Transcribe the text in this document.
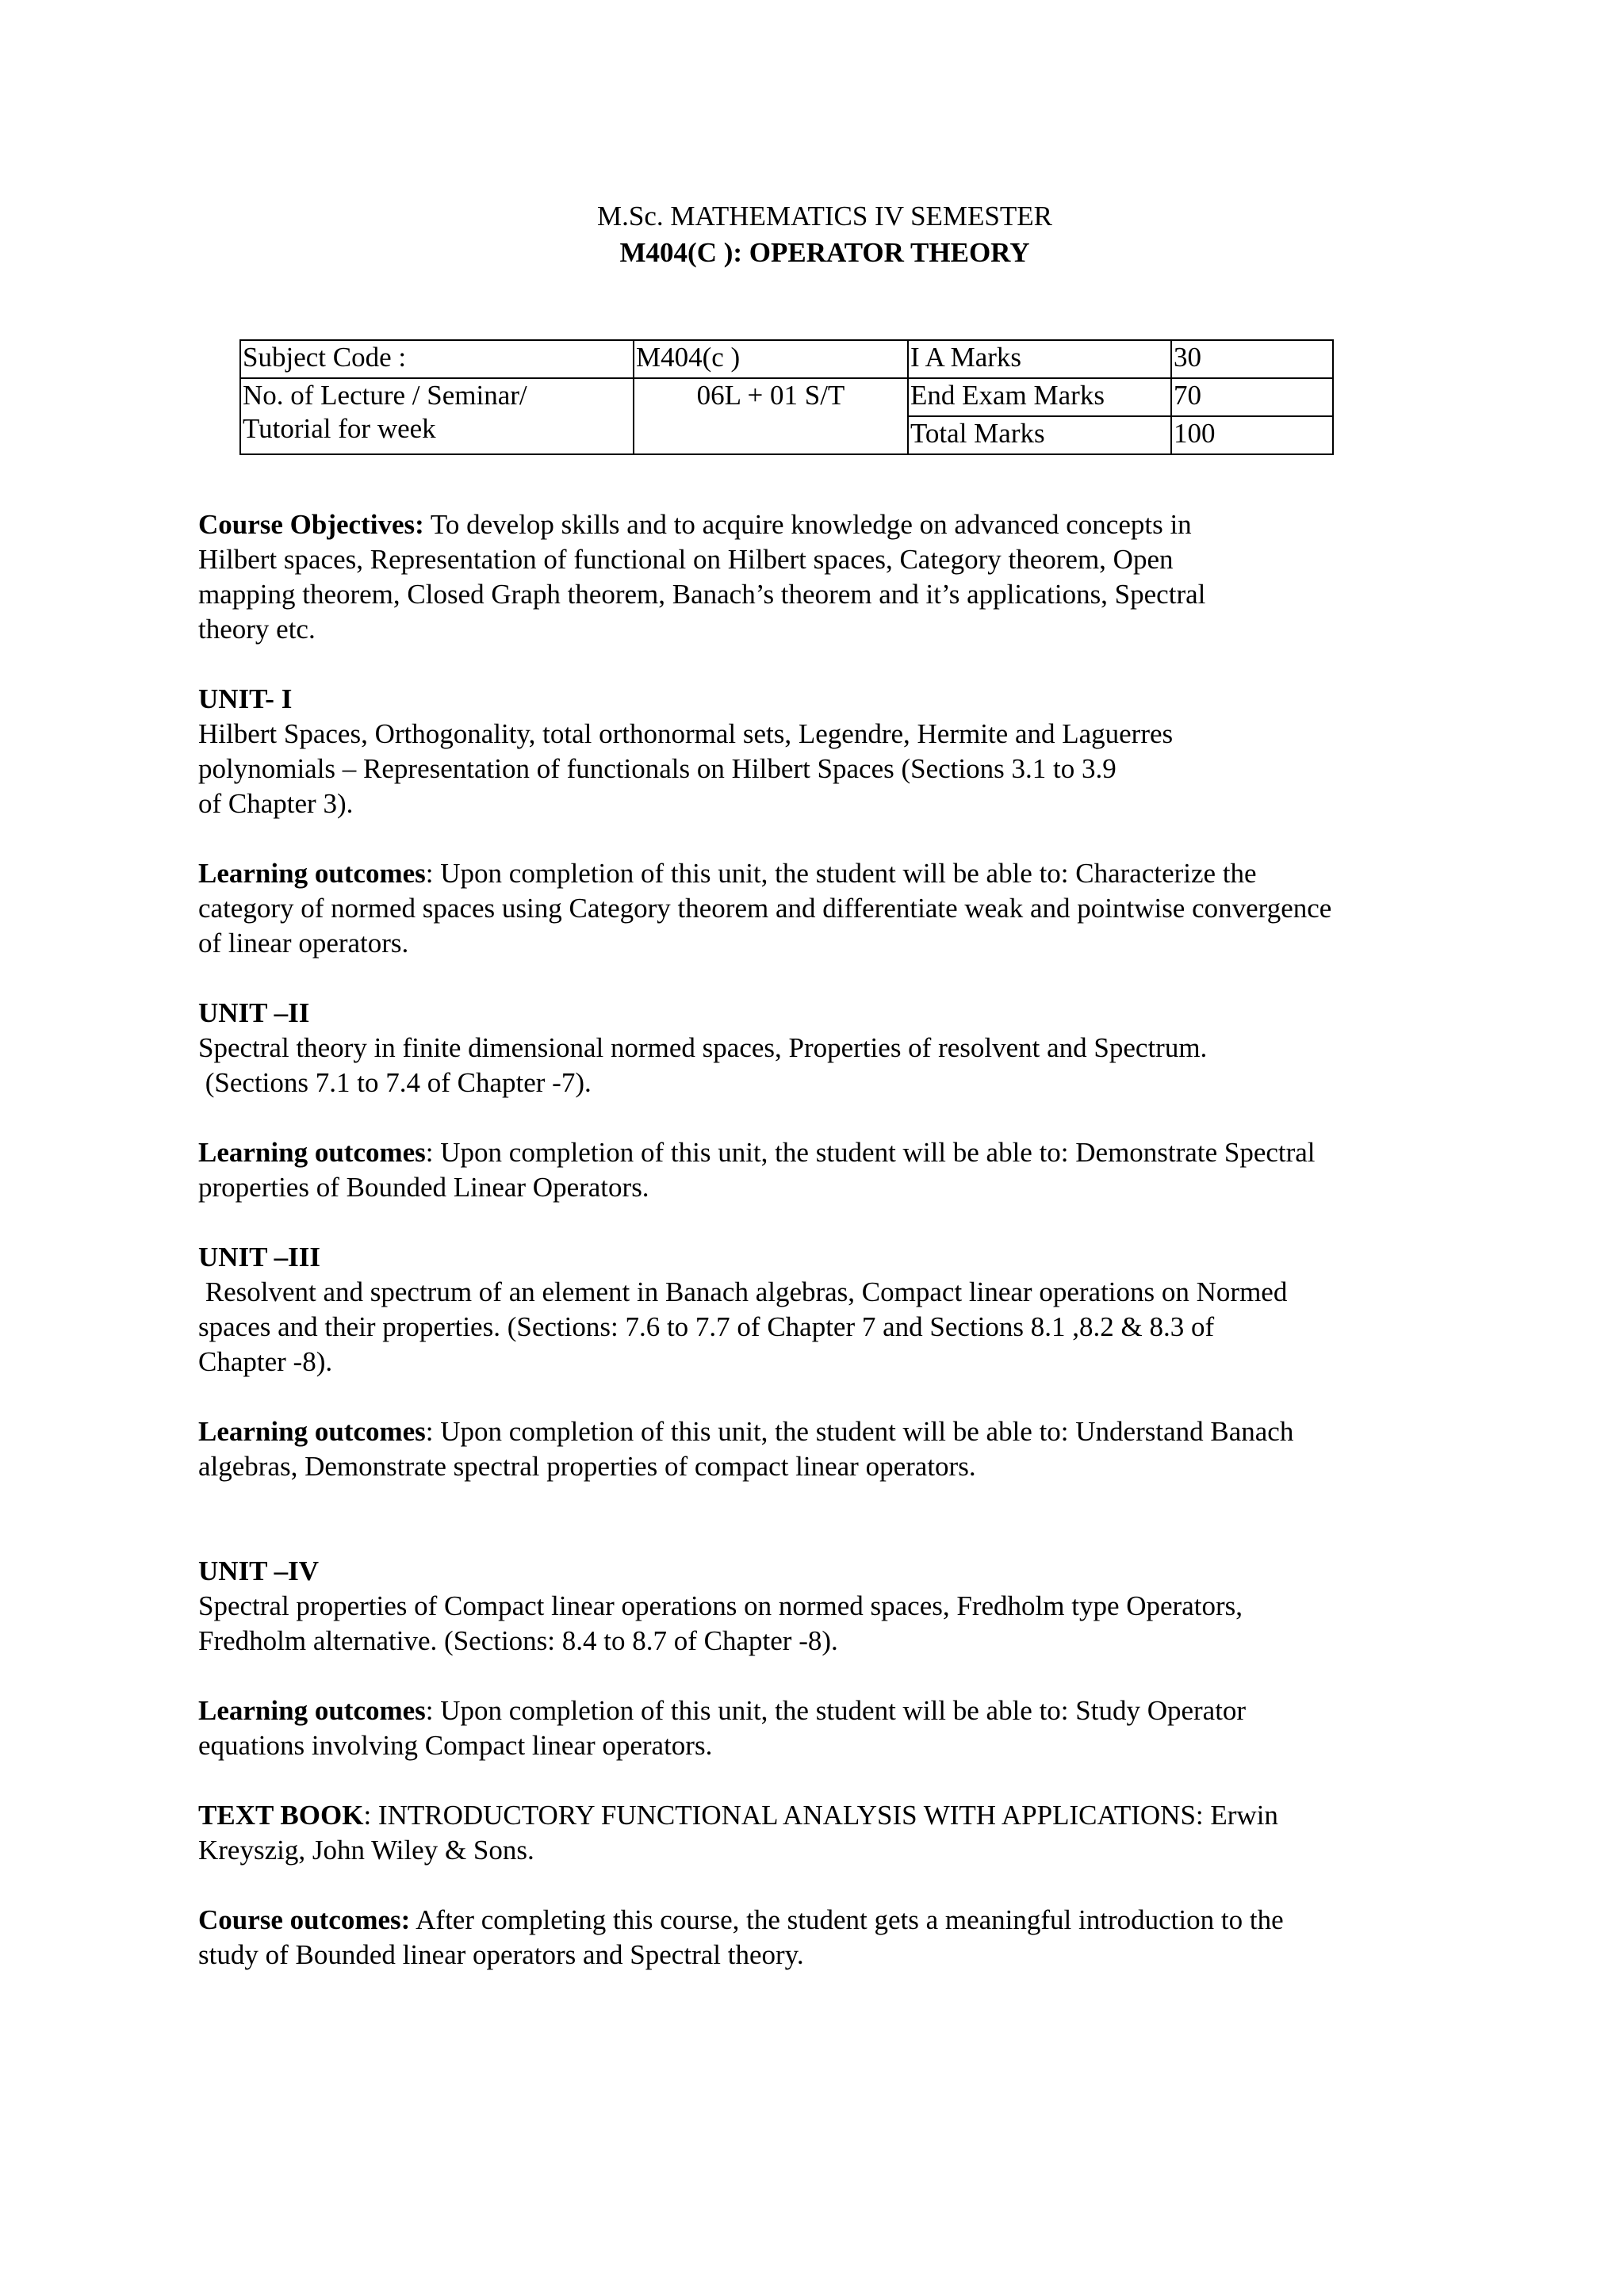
M.Sc. MATHEMATICS IV SEMESTER
M404(C ): OPERATOR THEORY
Subject Code :	M404(c )	I A Marks	30

No. of Lecture / Seminar/
Tutorial for week	06L + 01 S/T	End Exam Marks	70
		Total Marks	100
Course Objectives: To develop skills and to acquire knowledge on advanced concepts in
Hilbert spaces, Representation of functional on Hilbert spaces, Category theorem, Open
mapping theorem, Closed Graph theorem, Banach’s theorem and it’s applications, Spectral
theory etc.
UNIT- I
Hilbert Spaces, Orthogonality, total orthonormal sets, Legendre, Hermite and Laguerres
polynomials – Representation of functionals on Hilbert Spaces (Sections 3.1 to 3.9
of Chapter 3).
Learning outcomes: Upon completion of this unit, the student will be able to: Characterize the
category of normed spaces using Category theorem and differentiate weak and pointwise convergence
of linear operators.
UNIT –II
Spectral theory in finite dimensional normed spaces, Properties of resolvent and Spectrum.
(Sections 7.1 to 7.4 of Chapter -7).
Learning outcomes: Upon completion of this unit, the student will be able to: Demonstrate Spectral
properties of Bounded Linear Operators.
UNIT –III
Resolvent and spectrum of an element in Banach algebras, Compact linear operations on Normed
spaces and their properties. (Sections: 7.6 to 7.7 of Chapter 7 and Sections 8.1 ,8.2 & 8.3 of
Chapter -8).
Learning outcomes: Upon completion of this unit, the student will be able to: Understand Banach
algebras, Demonstrate spectral properties of compact linear operators.
UNIT –IV
Spectral properties of Compact linear operations on normed spaces, Fredholm type Operators,
Fredholm alternative. (Sections: 8.4 to 8.7 of Chapter -8).
Learning outcomes: Upon completion of this unit, the student will be able to: Study Operator
equations involving Compact linear operators.
TEXT BOOK: INTRODUCTORY FUNCTIONAL ANALYSIS WITH APPLICATIONS: Erwin
Kreyszig, John Wiley & Sons.
Course outcomes: After completing this course, the student gets a meaningful introduction to the
study of Bounded linear operators and Spectral theory.
